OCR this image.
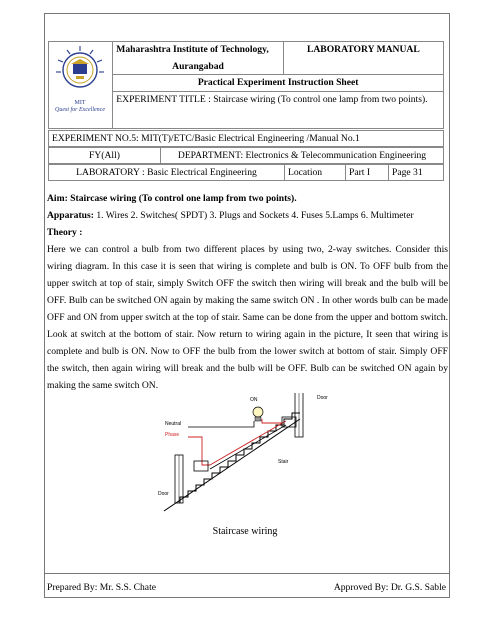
MIT
Quest for Excellence

Maharashtra Institute of Technology,
Aurangabad
	LABORATORY MANUAL
Practical Experiment Instruction Sheet
EXPERIMENT TITLE : Staircase wiring (To control one lamp from two points).
EXPERIMENT NO.5: MIT(T)/ETC/Basic Electrical Engineering /Manual No.1
FY(All)	DEPARTMENT: Electronics & Telecommunication Engineering
LABORATORY : Basic Electrical Engineering	Location	Part I	Page 31

Aim: Staircase wiring (To control one lamp from two points).

Apparatus: 1. Wires 2. Switches( SPDT) 3. Plugs and Sockets 4. Fuses 5.Lamps 6. Multimeter

Theory :

Here we can control a bulb from two different places by using two, 2-way switches. Consider this wiring diagram. In this case it is seen that wiring is complete and bulb is ON. To OFF bulb from the upper switch at top of stair, simply Switch OFF the switch then wiring will break and the bulb will be OFF. Bulb can be switched ON again by making the same switch ON . In other words bulb can be made OFF and ON from upper switch at the top of stair. Same can be done from the upper and bottom switch. Look at switch at the bottom of stair. Now return to wiring again in the picture, It seen that wiring is complete and bulb is ON. Now to OFF the bulb from the lower switch at bottom of stair. Simply OFF the switch, then again wiring will break and the bulb will be OFF. Bulb can be switched ON again by making the same switch ON.

ON	Door
Neutral
Phase
Stair
Door
Staircase wiring
Prepared By: Mr. S.S. Chate	Approved By: Dr. G.S. Sable
